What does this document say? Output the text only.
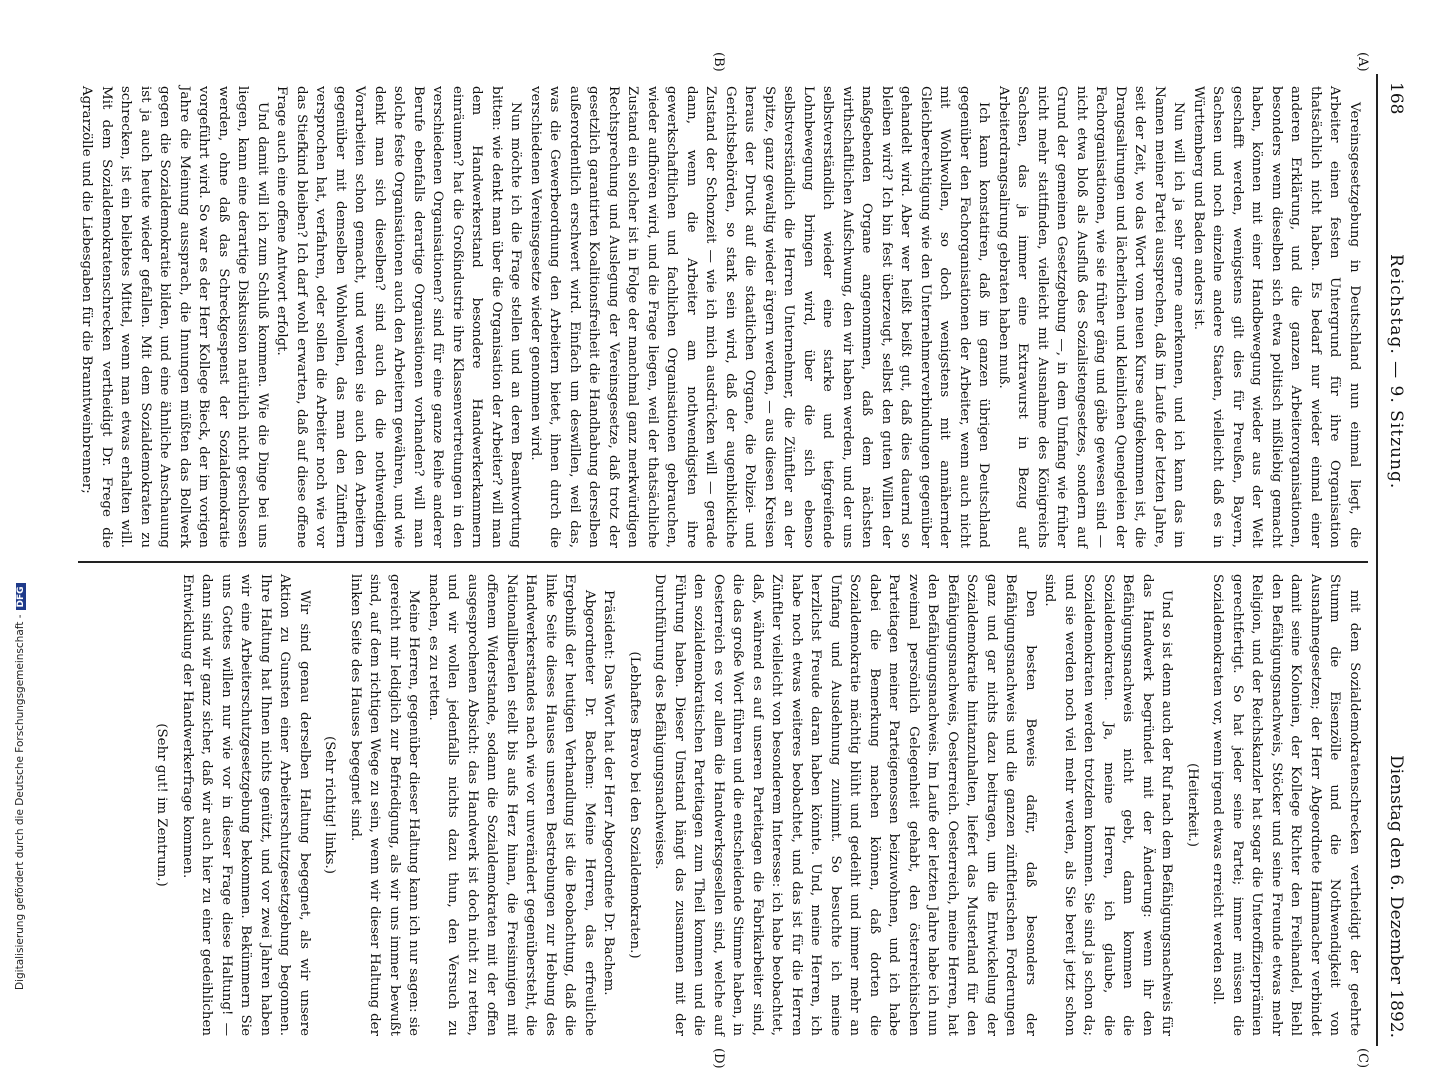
168
Reichstag. — 9. Sitzung.
Dienstag den 6. Dezember 1892.
(A)
(B)
(C)
(D)

Vereinsgesetzgebung in Deutschland nun einmal liegt, die Arbeiter einen festen Untergrund für ihre Organisation thatsächlich nicht haben. Es bedarf nur wieder einmal einer anderen Erklärung, und die ganzen Arbeiterorganisationen, besonders wenn dieselben sich etwa politisch mißliebig gemacht haben, können mit einer Handbewegung wieder aus der Welt geschafft werden, wenigstens gilt dies für Preußen, Bayern, Sachsen und noch einzelne andere Staaten, vielleicht daß es in Württemberg und Baden anders ist.

Nun will ich ja sehr gerne anerkennen, und ich kann das im Namen meiner Partei aussprechen, daß im Laufe der letzten Jahre, seit der Zeit, wo das Wort vom neuen Kurse aufgekommen ist, die Drangsalirungen und lächerlichen und kleinlichen Quengeleien der Fachorganisationen, wie sie früher gäng und gäbe gewesen sind — nicht etwa bloß als Ausfluß des Sozialistengesetzes, sondern auf Grund der gemeinen Gesetzgebung —, in dem Umfang wie früher nicht mehr stattfinden, vielleicht mit Ausnahme des Königreichs Sachsen, das ja immer eine Extrawurst in Bezug auf Arbeiterdrangsalirung gebraten haben muß.

Ich kann konstatiren, daß im ganzen übrigen Deutschland gegenüber den Fachorganisationen der Arbeiter, wenn auch nicht mit Wohlwollen, so doch wenigstens mit annähernder Gleichberechtigung wie den Unternehmerverbindungen gegenüber gehandelt wird. Aber wer heißt beißt gut, daß dies dauernd so bleiben wird? Ich bin fest überzeugt, selbst den guten Willen der maßgebenden Organe angenommen, daß dem nächsten wirthschaftlichen Aufschwung, den wir haben werden, und der uns selbstverständlich wieder eine starke und tiefgreifende Lohnbewegung bringen wird, über die sich ebenso selbstverständlich die Herren Unternehmer, die Zünftler an der Spitze, ganz gewaltig wieder ärgern werden, — aus diesen Kreisen heraus der Druck auf die staatlichen Organe, die Polizei- und Gerichtsbehörden, so stark sein wird, daß der augenblickliche Zustand der Schonzeit — wie ich mich ausdrücken will — gerade dann, wenn die Arbeiter am nothwendigsten ihre gewerkschaftlichen und fachlichen Organisationen gebrauchen, wieder aufhören wird, und die Frage liegen, weil der thatsächliche Zustand ein solcher ist in Folge der manchmal ganz merkwürdigen Rechtsprechung und Auslegung der Vereinsgesetze, daß trotz der gesetzlich garantirten Koalitionsfreiheit die Handhabung derselben außerordentlich erschwert wird. Einfach um deswillen, weil das, was die Gewerbeordnung den Arbeitern bietet, ihnen durch die verschiedenen Vereinsgesetze wieder genommen wird.

Nun möchte ich die Frage stellen und an deren Beantwortung bitten: wie denkt man über die Organisation der Arbeiter? will man dem Handwerkerstand besondere Handwerkerkammern einräumen? hat die Großindustrie ihre Klassenvertretungen in den verschiedenen Organisationen? sind für eine ganze Reihe anderer Berufe ebenfalls derartige Organisationen vorhanden? will man solche feste Organisationen auch den Arbeitern gewähren, und wie denkt man sich dieselben? sind auch da die nothwendigen Vorarbeiten schon gemacht, und werden sie auch den Arbeitern gegenüber mit demselben Wohlwollen, das man den Zünftlern versprochen hat, verfahren, oder sollen die Arbeiter noch wie vor das Stiefkind bleiben? Ich darf wohl erwarten, daß auf diese offene Frage auch eine offene Antwort erfolgt.

Und damit will ich zum Schluß kommen. Wie die Dinge bei uns liegen, kann eine derartige Diskussion natürlich nicht geschlossen werden, ohne daß das Schreckgespenst der Sozialdemokratie vorgeführt wird. So war es der Herr Kollege Bieck, der im vorigen Jahre die Meinung aussprach, die Innungen müßten das Bollwerk gegen die Sozialdemokratie bilden, und eine ähnliche Anschauung ist ja auch heute wieder gefallen. Mit dem Sozialdemokraten zu schrecken, ist ein beliebtes Mittel, wenn man etwas erhalten will. Mit dem Sozialdemokratenschrecken vertheidigt Dr. Frege die Agrarzölle und die Liebesgaben für die Branntweinbrenner;

mit dem Sozialdemokratenschrecken vertheidigt der geehrte Stumm die Eisenzölle und die Nothwendigkeit von Ausnahmegesetzen; der Herr Abgeordnete Hammacher verbindet damit seine Kolonien, der Kollege Richter den Freihandel, Biehl den Befähigungsnachweis, Stöcker und seine Freunde etwas mehr Religion, und der Reichskanzler hat sogar die Unteroffizierprämien gerechtfertigt. So hat jeder seine Partei; immer müssen die Sozialdemokraten vor, wenn irgend etwas erreicht werden soll.

(Heiterkeit.)

Und so ist denn auch der Ruf nach dem Befähigungsnachweis für das Handwerk begründet mit der Änderung: wenn ihr den Befähigungsnachweis nicht gebt, dann kommen die Sozialdemokraten. Ja, meine Herren, ich glaube, die Sozialdemokraten werden trotzdem kommen. Sie sind ja schon da; und sie werden noch viel mehr werden, als Sie bereit jetzt schon sind.

Den besten Beweis dafür, daß besonders der Befähigungsnachweis und die ganzen zünftlerischen Forderungen ganz und gar nichts dazu beitragen, um die Entwickelung der Sozialdemokratie hintanzuhalten, liefert das Musterland für den Befähigungsnachweis, Oesterreich. Oesterreich, meine Herren, hat den Befähigungsnachweis. Im Laufe der letzten Jahre habe ich nun zweimal persönlich Gelegenheit gehabt, den österreichischen Parteitagen meiner Parteigenossen beizuwohnen, und ich habe dabei die Bemerkung machen können, daß dorten die Sozialdemokratie mächtig blüht und gedeiht und immer mehr an Umfang und Ausdehnung zunimmt. So besuchte ich meine herzlichst Freude daran haben könnte. Und, meine Herren, ich habe noch etwas weiteres beobachtet, und das ist für die Herren Zünftler vielleicht von besonderem Interesse: ich habe beobachtet, daß, während es auf unseren Parteitagen die Fabrikarbeiter sind, die das große Wort führen und die entscheidende Stimme haben, in Oesterreich es vor allem die Handwerksgesellen sind, welche auf den sozialdemokratischen Parteitagen zum Theil kommen und die Führung haben. Dieser Umstand hängt das zusammen mit der Durchführung des Befähigungsnachweises.

(Lebhaftes Bravo bei den Sozialdemokraten.)

Präsident: Das Wort hat der Herr Abgeordnete Dr. Bachem.

Abgeordneter Dr. Bachem: Meine Herren, das erfreuliche Ergebniß der heutigen Verhandlung ist die Beobachtung, daß die linke Seite dieses Hauses unseren Bestrebungen zur Hebung des Handwerkerstandes nach wie vor unverändert gegenübersteht, die Nationalliberalen stellt bis aufs Herz hinan, die Freisinnigen mit offenem Widerstande, sodann die Sozialdemokraten mit der offen ausgesprochenen Absicht: das Handwerk ist doch nicht zu retten, und wir wollen jedenfalls nichts dazu thun, den Versuch zu machen, es zu retten.

Meine Herren, gegenüber dieser Haltung kann ich nur sagen: sie gereicht mir lediglich zur Befriedigung, als wir uns immer bewußt sind, auf dem richtigen Wege zu sein, wenn wir dieser Haltung der linken Seite des Hauses begegnet sind.

(Sehr richtig! links.)

Wir sind genau derselben Haltung begegnet, als wir unsere Aktion zu Gunsten einer Arbeiterschutzgesetzgebung begonnen. Ihre Haltung hat Ihnen nichts genützt, und vor zwei Jahren haben wir eine Arbeiterschutzgesetzgebung bekommen. Bekümmern Sie uns Gottes willen nur wie vor in dieser Frage diese Haltung! — dann sind wir ganz sicher, daß wir auch hier zu einer gedeihlichen Entwicklung der Handwerkerfrage kommen.

(Sehr gut! im Zentrum.)

Digitalisierung gefördert durch die Deutsche Forschungsgemeinschaft -DFG
